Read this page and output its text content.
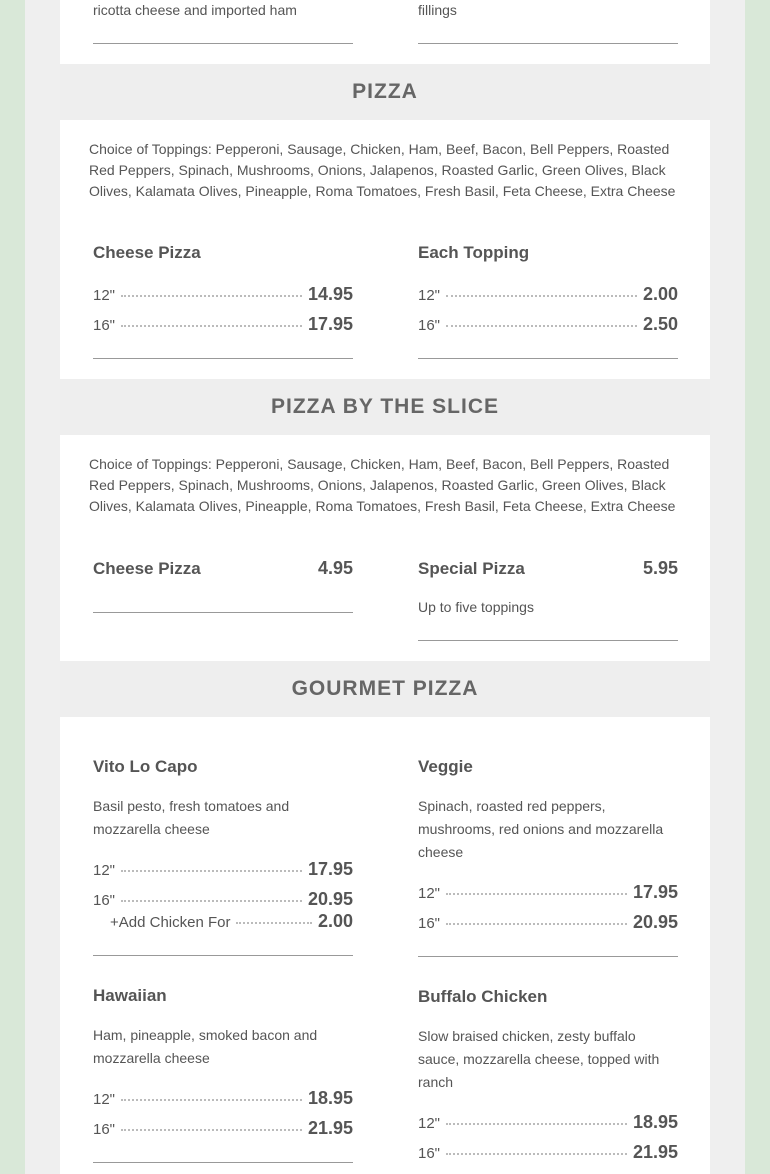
ricotta cheese and imported ham	fillings
PIZZA
Choice of Toppings: Pepperoni, Sausage, Chicken, Ham, Beef, Bacon, Bell Peppers, Roasted Red Peppers, Spinach, Mushrooms, Onions, Jalapenos, Roasted Garlic, Green Olives, Black Olives, Kalamata Olives, Pineapple, Roma Tomatoes, Fresh Basil, Feta Cheese, Extra Cheese
Cheese Pizza
12"	14.95
16"	17.95
Each Topping
12"	2.00
16"	2.50
PIZZA BY THE SLICE
Choice of Toppings: Pepperoni, Sausage, Chicken, Ham, Beef, Bacon, Bell Peppers, Roasted Red Peppers, Spinach, Mushrooms, Onions, Jalapenos, Roasted Garlic, Green Olives, Black Olives, Kalamata Olives, Pineapple, Roma Tomatoes, Fresh Basil, Feta Cheese, Extra Cheese
Cheese Pizza	4.95	Special Pizza	5.95
Up to five toppings
GOURMET PIZZA
Vito Lo Capo
Basil pesto, fresh tomatoes and
mozzarella cheese
12"	17.95
16"	20.95
+Add Chicken For	2.00
Veggie
Spinach, roasted red peppers,
mushrooms, red onions and mozzarella
cheese
12"	17.95
16"	20.95
Hawaiian
Ham, pineapple, smoked bacon and
mozzarella cheese
12"	18.95
16"	21.95
Buffalo Chicken
Slow braised chicken, zesty buffalo
sauce, mozzarella cheese, topped with
ranch
12"	18.95
16"	21.95
